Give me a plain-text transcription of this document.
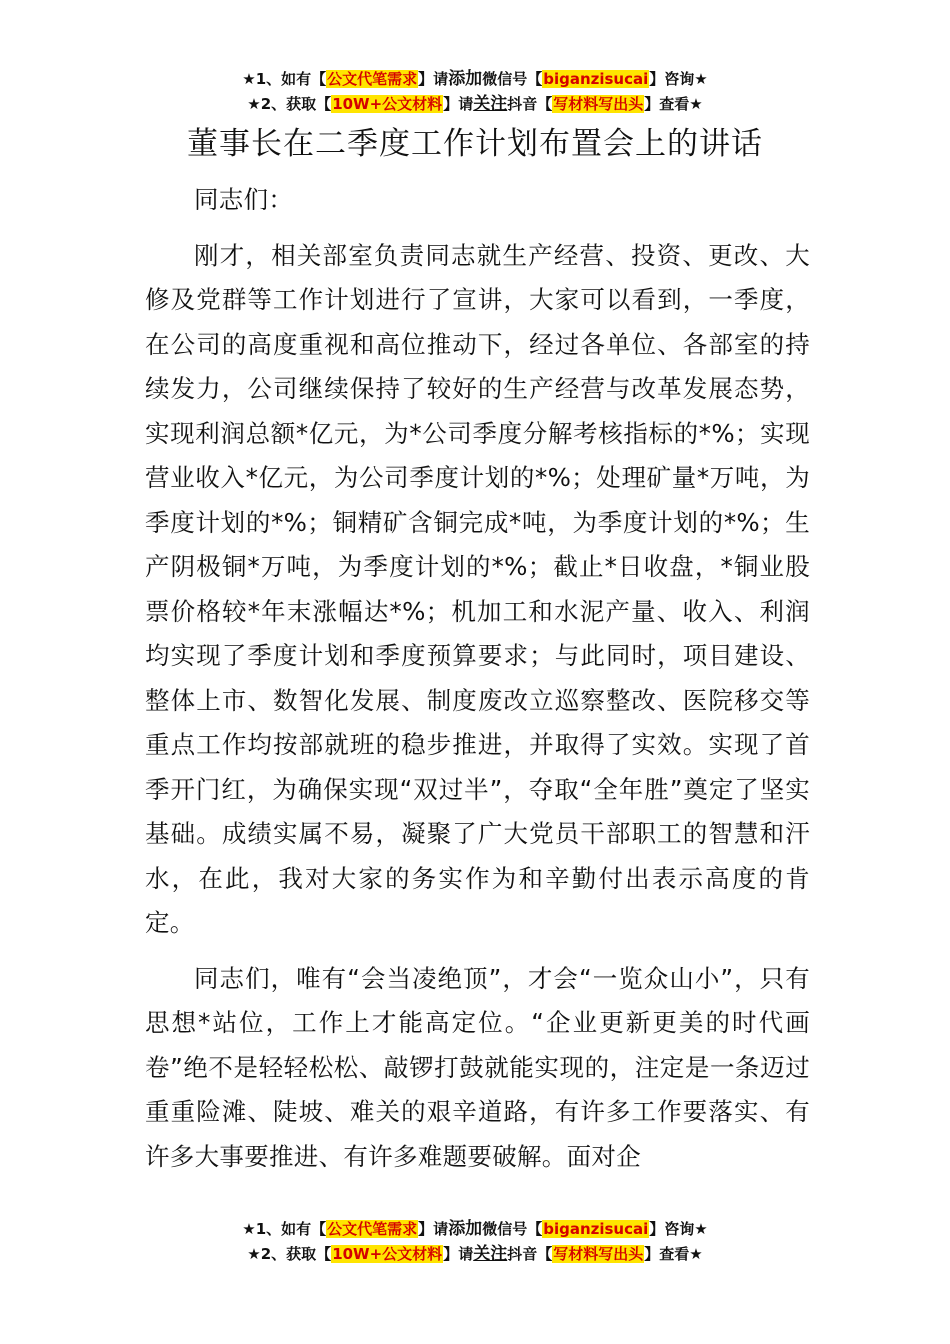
★1、如有【公文代笔需求】请添加微信号【biganzisucai】咨询★
★2、获取【10W+公文材料】请关注抖音【写材料写出头】查看★
董事长在二季度工作计划布置会上的讲话

同志们：

刚才，相关部室负责同志就生产经营、投资、更改、大修及党群等工作计划进行了宣讲，大家可以看到，一季度，在公司的高度重视和高位推动下，经过各单位、各部室的持续发力，公司继续保持了较好的生产经营与改革发展态势，实现利润总额*亿元，为*公司季度分解考核指标的*%；实现营业收入*亿元，为公司季度计划的*%；处理矿量*万吨，为季度计划的*%；铜精矿含铜完成*吨，为季度计划的*%；生产阴极铜*万吨，为季度计划的*%；截止*日收盘，*铜业股票价格较*年末涨幅达*%；机加工和水泥产量、收入、利润均实现了季度计划和季度预算要求；与此同时，项目建设、整体上市、数智化发展、制度废改立巡察整改、医院移交等重点工作均按部就班的稳步推进，并取得了实效。实现了首季开门红，为确保实现“双过半”，夺取“全年胜”奠定了坚实基础。成绩实属不易，凝聚了广大党员干部职工的智慧和汗水，在此，我对大家的务实作为和辛勤付出表示高度的肯定。

同志们，唯有“会当凌绝顶”，才会“一览众山小”，只有思想*站位，工作上才能高定位。“企业更新更美的时代画卷”绝不是轻轻松松、敲锣打鼓就能实现的，注定是一条迈过重重险滩、陡坡、难关的艰辛道路，有许多工作要落实、有许多大事要推进、有许多难题要破解。面对企

★1、如有【公文代笔需求】请添加微信号【biganzisucai】咨询★
★2、获取【10W+公文材料】请关注抖音【写材料写出头】查看★
